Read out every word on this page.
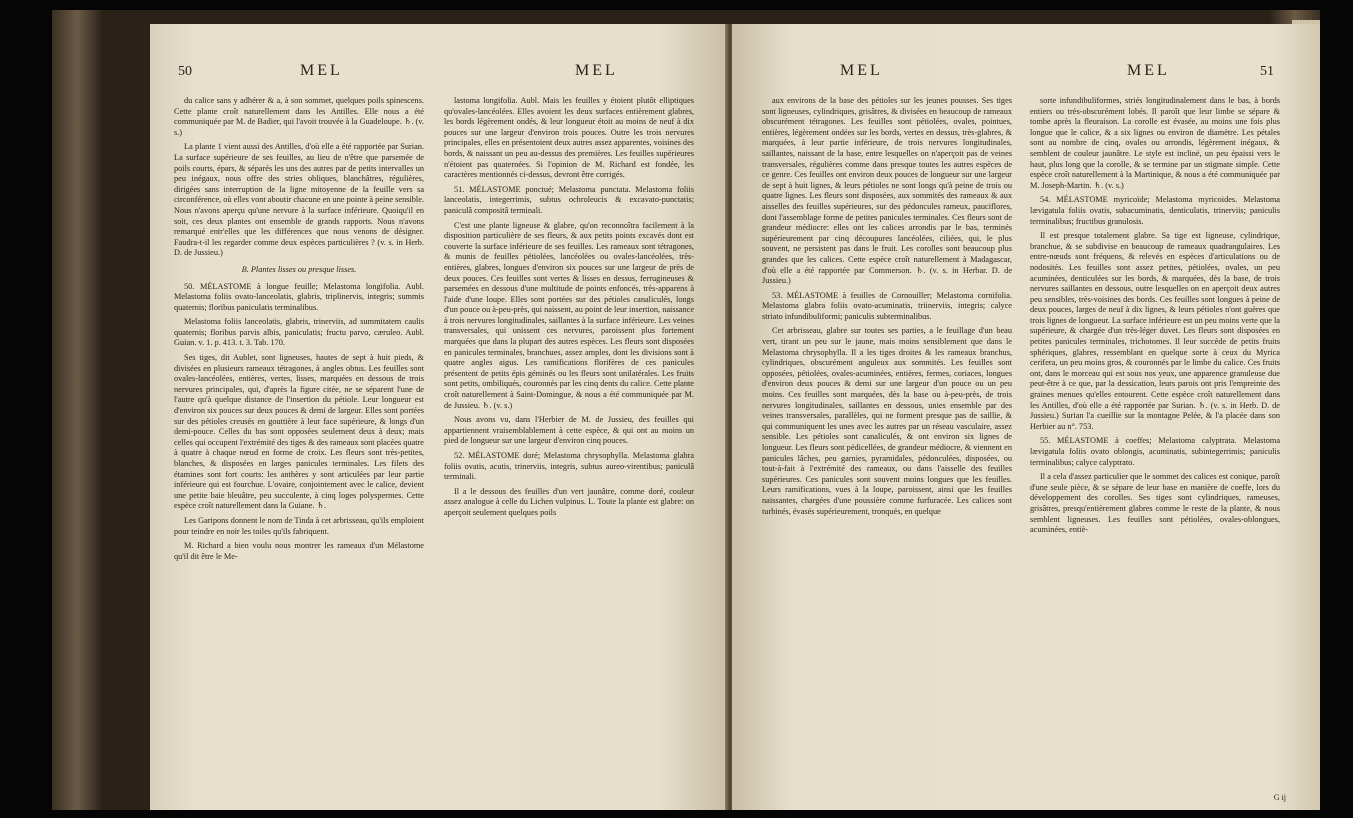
50	MEL	MEL

du calice sans y adhérer & a, à son sommet, quelques poils spinescens. Cette plante croît naturellement dans les Antilles. Elle nous a été communiquée par M. de Badier, qui l'avoit trouvée à la Guadeloupe. ♄. (v. s.)

La plante 1 vient aussi des Antilles, d'où elle a été rapportée par Surian. La surface supérieure de ses feuilles, au lieu de n'être que parsemée de poils courts, épars, & séparés les uns des autres par de petits intervalles un peu inégaux, nous offre des stries obliques, blanchâtres, régulières, dirigées sans interruption de la ligne mitoyenne de la feuille vers sa circonférence, où elles vont aboutir chacune en une pointe à peine sensible. Nous n'avons aperçu qu'une nervure à la surface inférieure. Quoiqu'il en soit, ces deux plantes ont ensemble de grands rapports. Nous n'avons remarqué entr'elles que les différences que nous venons de désigner. Faudra-t-il les regarder comme deux espèces particulières ? (v. s. in Herb. D. de Jussieu.)

B. Plantes lisses ou presque lisses.

50. MÉLASTOME à longue feuille; Melastoma longifolia. Aubl. Melastoma foliis ovato-lanceolatis, glabris, triplinervis, integris; summis quaternis; floribus paniculatis terminalibus.

Melastoma foliis lanceolatis, glabris, trinerviis, ad summitatem caulis quaternis; floribus parvis albis, paniculatis; fructu parvo, cæruleo. Aubl. Guian. v. 1. p. 413. t. 3. Tab. 170.

Ses tiges, dit Aublet, sont ligneuses, hautes de sept à huit pieds, & divisées en plusieurs rameaux tétragones, à angles obtus. Les feuilles sont ovales-lancéolées, entières, vertes, lisses, marquées en dessous de trois nervures principales, qui, d'après la figure citée, ne se séparent l'une de l'autre qu'à quelque distance de l'insertion du pétiole. Leur longueur est d'environ six pouces sur deux pouces & demi de largeur. Elles sont portées sur des pétioles creusés en gouttière à leur face supérieure, & longs d'un demi-pouce. Celles du bas sont opposées seulement deux à deux; mais celles qui occupent l'extrémité des tiges & des rameaux sont placées quatre à quatre à chaque nœud en forme de croix. Les fleurs sont très-petites, blanches, & disposées en larges panicules terminales. Les filets des étamines sont fort courts: les anthères y sont articulées par leur partie inférieure qui est fourchue. L'ovaire, conjointement avec le calice, devient une petite baie bleuâtre, peu succulente, à cinq loges polyspermes. Cette espèce croît naturellement dans la Guiane. ♄.

Les Garipons donnent le nom de Tinda à cet arbrisseau, qu'ils emploient pour teindre en noir les toiles qu'ils fabriquent.

M. Richard a bien voulu nous montrer les rameaux d'un Mélastome qu'il dit être le Me-

lastoma longifolia. Aubl. Mais les feuilles y étoient plutôt elliptiques qu'ovales-lancéolées. Elles avoient les deux surfaces entièrement glabres, les bords légèrement ondés, & leur longueur étoit au moins de neuf à dix pouces sur une largeur d'environ trois pouces. Outre les trois nervures principales, elles en présentoient deux autres assez apparentes, voisines des bords, & naissant un peu au-dessus des premières. Les feuilles supérieures n'étoient pas quaternées. Si l'opinion de M. Richard est fondée, les caractères mentionnés ci-dessus, devront être corrigés.

51. MÉLASTOME ponctué; Melastoma punctata. Melastoma foliis lanceolatis, integerrimis, subtus ochroleucis & excavato-punctatis; paniculâ compositâ terminali.

C'est une plante ligneuse & glabre, qu'on reconnoîtra facilement à la disposition particulière de ses fleurs, & aux petits points excavés dont est couverte la surface inférieure de ses feuilles. Les rameaux sont tétragones, & munis de feuilles pétiolées, lancéolées ou ovales-lancéolées, très-entières, glabres, longues d'environ six pouces sur une largeur de près de deux pouces. Ces feuilles sont vertes & lisses en dessus, ferrugineuses & parsemées en dessous d'une multitude de points enfoncés, très-apparens à l'aide d'une loupe. Elles sont portées sur des pétioles canaliculés, longs d'un pouce ou à-peu-près, qui naissent, au point de leur insertion, naissance à trois nervures longitudinales, saillantes à la surface inférieure. Les veines transversales, qui unissent ces nervures, paroissent plus fortement marquées que dans la plupart des autres espèces. Les fleurs sont disposées en panicules terminales, branchues, assez amples, dont les divisions sont à quatre angles aigus. Les ramifications florifères de ces panicules présentent de petits épis géminés ou les fleurs sont unilatérales. Les fruits sont petits, ombiliqués, couronnés par les cinq dents du calice. Cette plante croît naturellement à Saint-Domingue, & nous a été communiquée par M. de Jussieu. ♄. (v. s.)

Nous avons vu, dans l'Herbier de M. de Jussieu, des feuilles qui appartiennent vraisemblablement à cette espèce, & qui ont au moins un pied de longueur sur une largeur d'environ cinq pouces.

52. MÉLASTOME doré; Melastoma chrysophylla. Melastoma glabra foliis ovatis, acutis, trinerviis, integris, subtus aureo-virentibus; paniculâ terminali.

Il a le dessous des feuilles d'un vert jaunâtre, comme doré, couleur assez analogue à celle du Lichen vulpinus. L. Toute la plante est glabre: on aperçoit seulement quelques poils

MEL	MEL	51

aux environs de la base des pétioles sur les jeunes pousses. Ses tiges sont ligneuses, cylindriques, grisâtres, & divisées en beaucoup de rameaux obscurément tétragones. Les feuilles sont pétiolées, ovales, pointues, entières, légèrement ondées sur les bords, vertes en dessus, très-glabres, & marquées, à leur partie inférieure, de trois nervures longitudinales, saillantes, naissant de la base, entre lesquelles on n'aperçoit pas de veines transversales, régulières comme dans presque toutes les autres espèces de ce genre. Ces feuilles ont environ deux pouces de longueur sur une largeur de sept à huit lignes, & leurs pétioles ne sont longs qu'à peine de trois ou quatre lignes. Les fleurs sont disposées, aux sommités des rameaux & aux aisselles des feuilles supérieures, sur des pédoncules rameux, pauciflores, dont l'assemblage forme de petites panicules terminales. Ces fleurs sont de grandeur médiocre: elles ont les calices arrondis par le bas, terminés supérieurement par cinq découpures lancéolées, ciliées, qui, le plus souvent, ne persistent pas dans le fruit. Les corolles sont beaucoup plus grandes que les calices. Cette espèce croît naturellement à Madagascar, d'où elle a été rapportée par Commerson. ♄. (v. s. in Herbar. D. de Jussieu.)

53. MÉLASTOME à feuilles de Cornouiller; Melastoma cornifolia. Melastoma glabra foliis ovato-acuminatis, triinerviis, integris; calyce striato infundibuliformi; paniculis subterminalibus.

Cet arbrisseau, glabre sur toutes ses parties, a le feuillage d'un beau vert, tirant un peu sur le jaune, mais moins sensiblement que dans le Melastoma chrysophylla. Il a les tiges droites & les rameaux branchus, cylindriques, obscurément anguleux aux sommités. Les feuilles sont opposées, pétiolées, ovales-acuminées, entières, fermes, coriaces, longues d'environ deux pouces & demi sur une largeur d'un pouce ou un peu moins. Ces feuilles sont marquées, dès la base ou à-peu-près, de trois nervures longitudinales, saillantes en dessous, unies ensemble par des veines transversales, parallèles, qui ne forment presque pas de saillie, & qui communiquent les unes avec les autres par un réseau vasculaire, assez sensible. Les pétioles sont canaliculés, & ont environ six lignes de longueur. Les fleurs sont pédicellées, de grandeur médiocre, & viennent en panicules lâches, peu garnies, pyramidales, pédonculées, disposées, ou tout-à-fait à l'extrémité des rameaux, ou dans l'aisselle des feuilles supérieures. Ces panicules sont souvent moins longues que les feuilles. Leurs ramifications, vues à la loupe, paroissent, ainsi que les feuilles naissantes, chargées d'une poussière comme furfuracée. Les calices sont turbinés, évasés supérieurement, tronqués, en quelque

sorte infundibuliformes, striés longitudinalement dans le bas, à bords entiers ou très-obscurément lobés. Il paroît que leur limbe se sépare & tombe après la fleuraison. La corolle est évasée, au moins une fois plus longue que le calice, & a six lignes ou environ de diamètre. Les pétales sont au nombre de cinq, ovales ou arrondis, légèrement inégaux, & semblent de couleur jaunâtre. Le style est incliné, un peu épaissi vers le haut, plus long que la corolle, & se termine par un stigmate simple. Cette espèce croît naturellement à la Martinique, & nous a été communiquée par M. Joseph-Martin. ♄. (v. s.)

54. MÉLASTOME myricoïde; Melastoma myricoides. Melastoma lævigatula foliis ovatis, subacuminatis, denticulatis, trinerviis; paniculis terminalibus; fructibus granulosis.

Il est presque totalement glabre. Sa tige est ligneuse, cylindrique, branchue, & se subdivise en beaucoup de rameaux quadrangulaires. Les entre-nœuds sont fréquens, & relevés en espèces d'articulations ou de nodosités. Les feuilles sont assez petites, pétiolées, ovales, un peu acuminées, denticulées sur les bords, & marquées, dès la base, de trois nervures saillantes en dessous, outre lesquelles on en aperçoit deux autres peu sensibles, très-voisines des bords. Ces feuilles sont longues à peine de deux pouces, larges de neuf à dix lignes, & leurs pétioles n'ont guères que trois lignes de longueur. La surface inférieure est un peu moins verte que la supérieure, & chargée d'un très-léger duvet. Les fleurs sont disposées en petites panicules terminales, trichotomes. Il leur succède de petits fruits sphériques, glabres, ressemblant en quelque sorte à ceux du Myrica cerifera, un peu moins gros, & couronnés par le limbe du calice. Ces fruits ont, dans le morceau qui est sous nos yeux, une apparence granuleuse due peut-être à ce que, par la dessication, leurs parois ont pris l'empreinte des graines menues qu'elles entourent. Cette espèce croît naturellement dans les Antilles, d'où elle a été rapportée par Surian. ♄. (v. s. in Herb. D. de Jussieu.) Surian l'a cueillie sur la montagne Pelée, & l'a placée dans son Herbier au n°. 753.

55. MÉLASTOME à coeffes; Melastoma calyptrata. Melastoma lævigatula foliis ovato oblongis, acuminatis, subintegerrimis; paniculis terminalibus; calyce calyptrato.

Il a cela d'assez particulier que le sommet des calices est conique, paroît d'une seule pièce, & se sépare de leur base en manière de coeffe, lors du développement des corolles. Ses tiges sont cylindriques, rameuses, grisâtres, presqu'entièrement glabres comme le reste de la plante, & nous semblent ligneuses. Les feuilles sont pétiolées, ovales-oblongues, acuminées, entiè-

G ij
